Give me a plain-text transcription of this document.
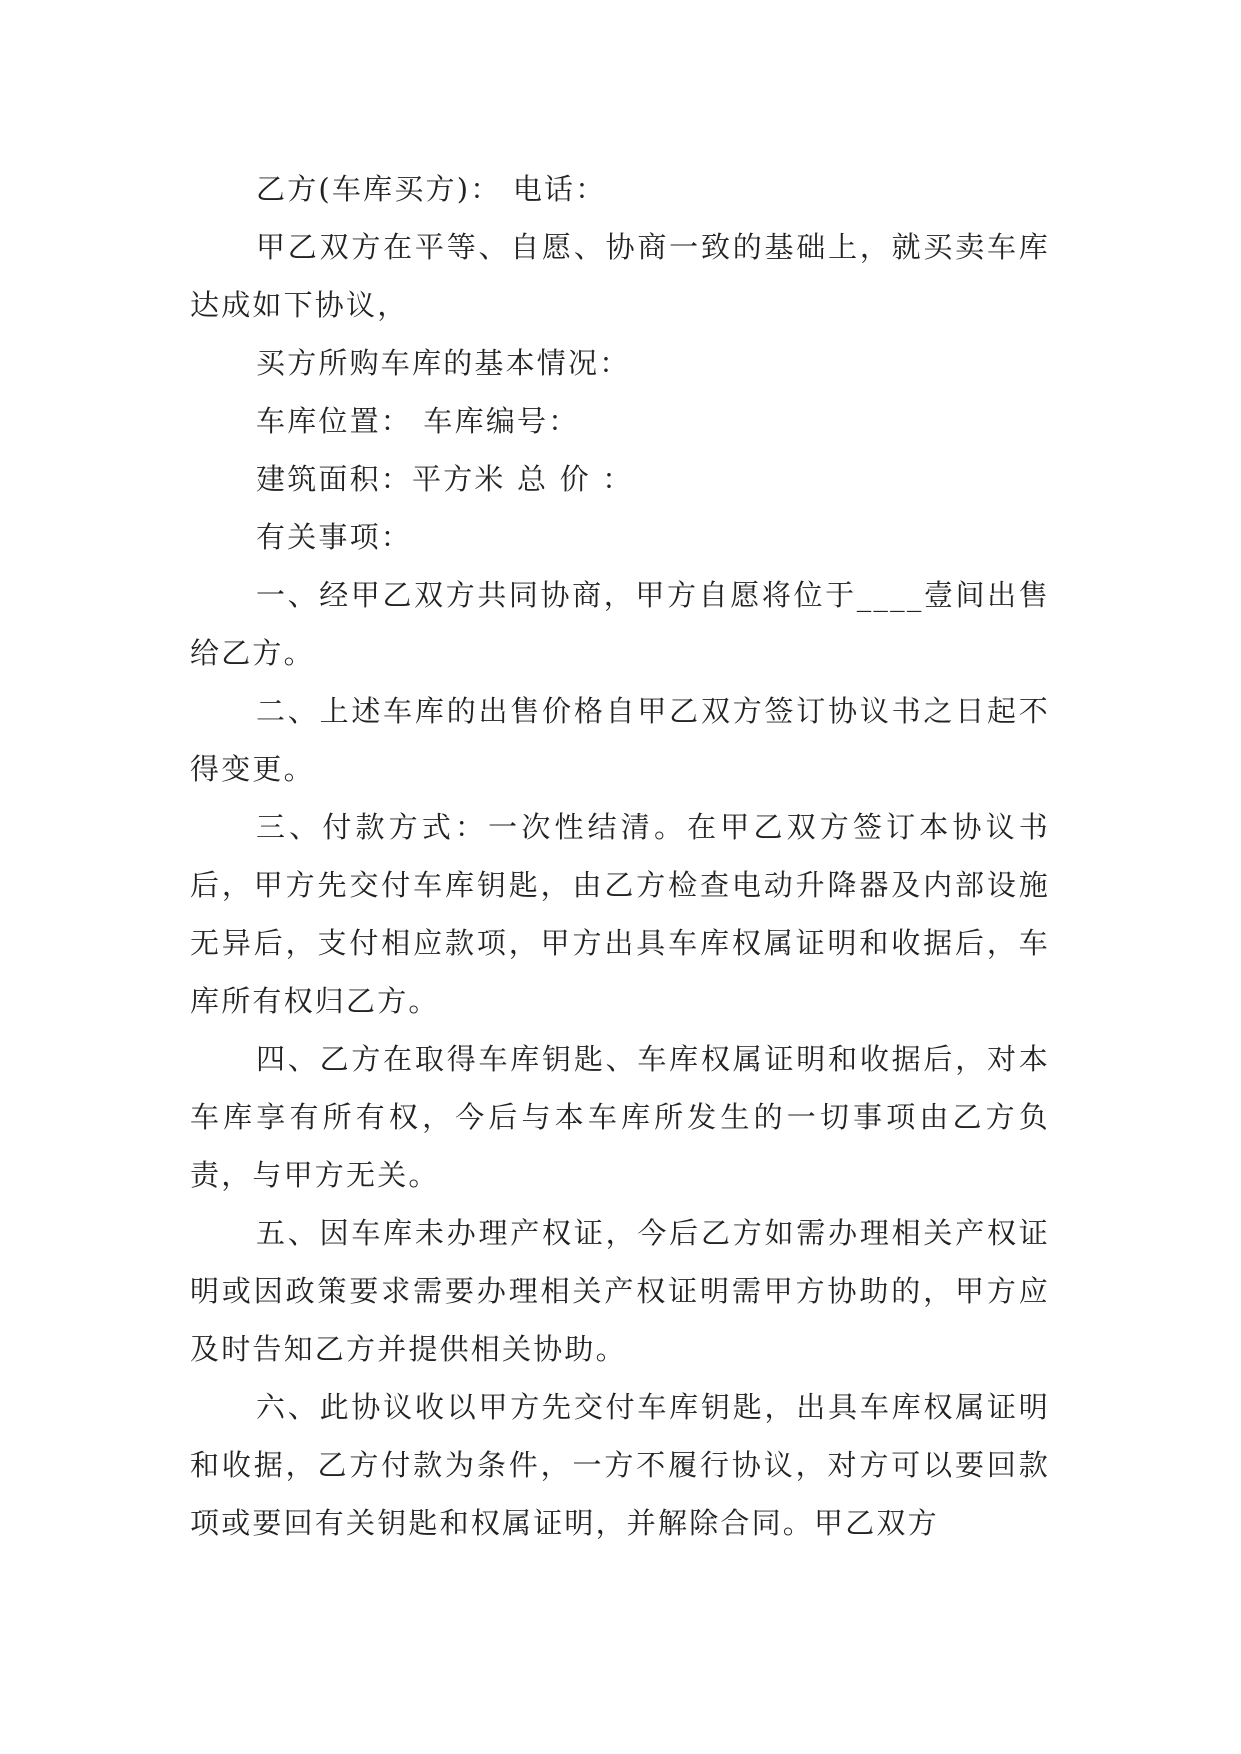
乙方(车库买方)： 电话：

甲乙双方在平等、自愿、协商一致的基础上，就买卖车库达成如下协议，

买方所购车库的基本情况：

车库位置： 车库编号：

建筑面积：平方米 总 价 ：

有关事项：

一、经甲乙双方共同协商，甲方自愿将位于____壹间出售给乙方。

二、上述车库的出售价格自甲乙双方签订协议书之日起不得变更。

三、付款方式：一次性结清。在甲乙双方签订本协议书后，甲方先交付车库钥匙，由乙方检查电动升降器及内部设施无异后，支付相应款项，甲方出具车库权属证明和收据后，车库所有权归乙方。

四、乙方在取得车库钥匙、车库权属证明和收据后，对本车库享有所有权，今后与本车库所发生的一切事项由乙方负责，与甲方无关。

五、因车库未办理产权证，今后乙方如需办理相关产权证明或因政策要求需要办理相关产权证明需甲方协助的，甲方应及时告知乙方并提供相关协助。

六、此协议收以甲方先交付车库钥匙，出具车库权属证明和收据，乙方付款为条件，一方不履行协议，对方可以要回款项或要回有关钥匙和权属证明，并解除合同。甲乙双方
